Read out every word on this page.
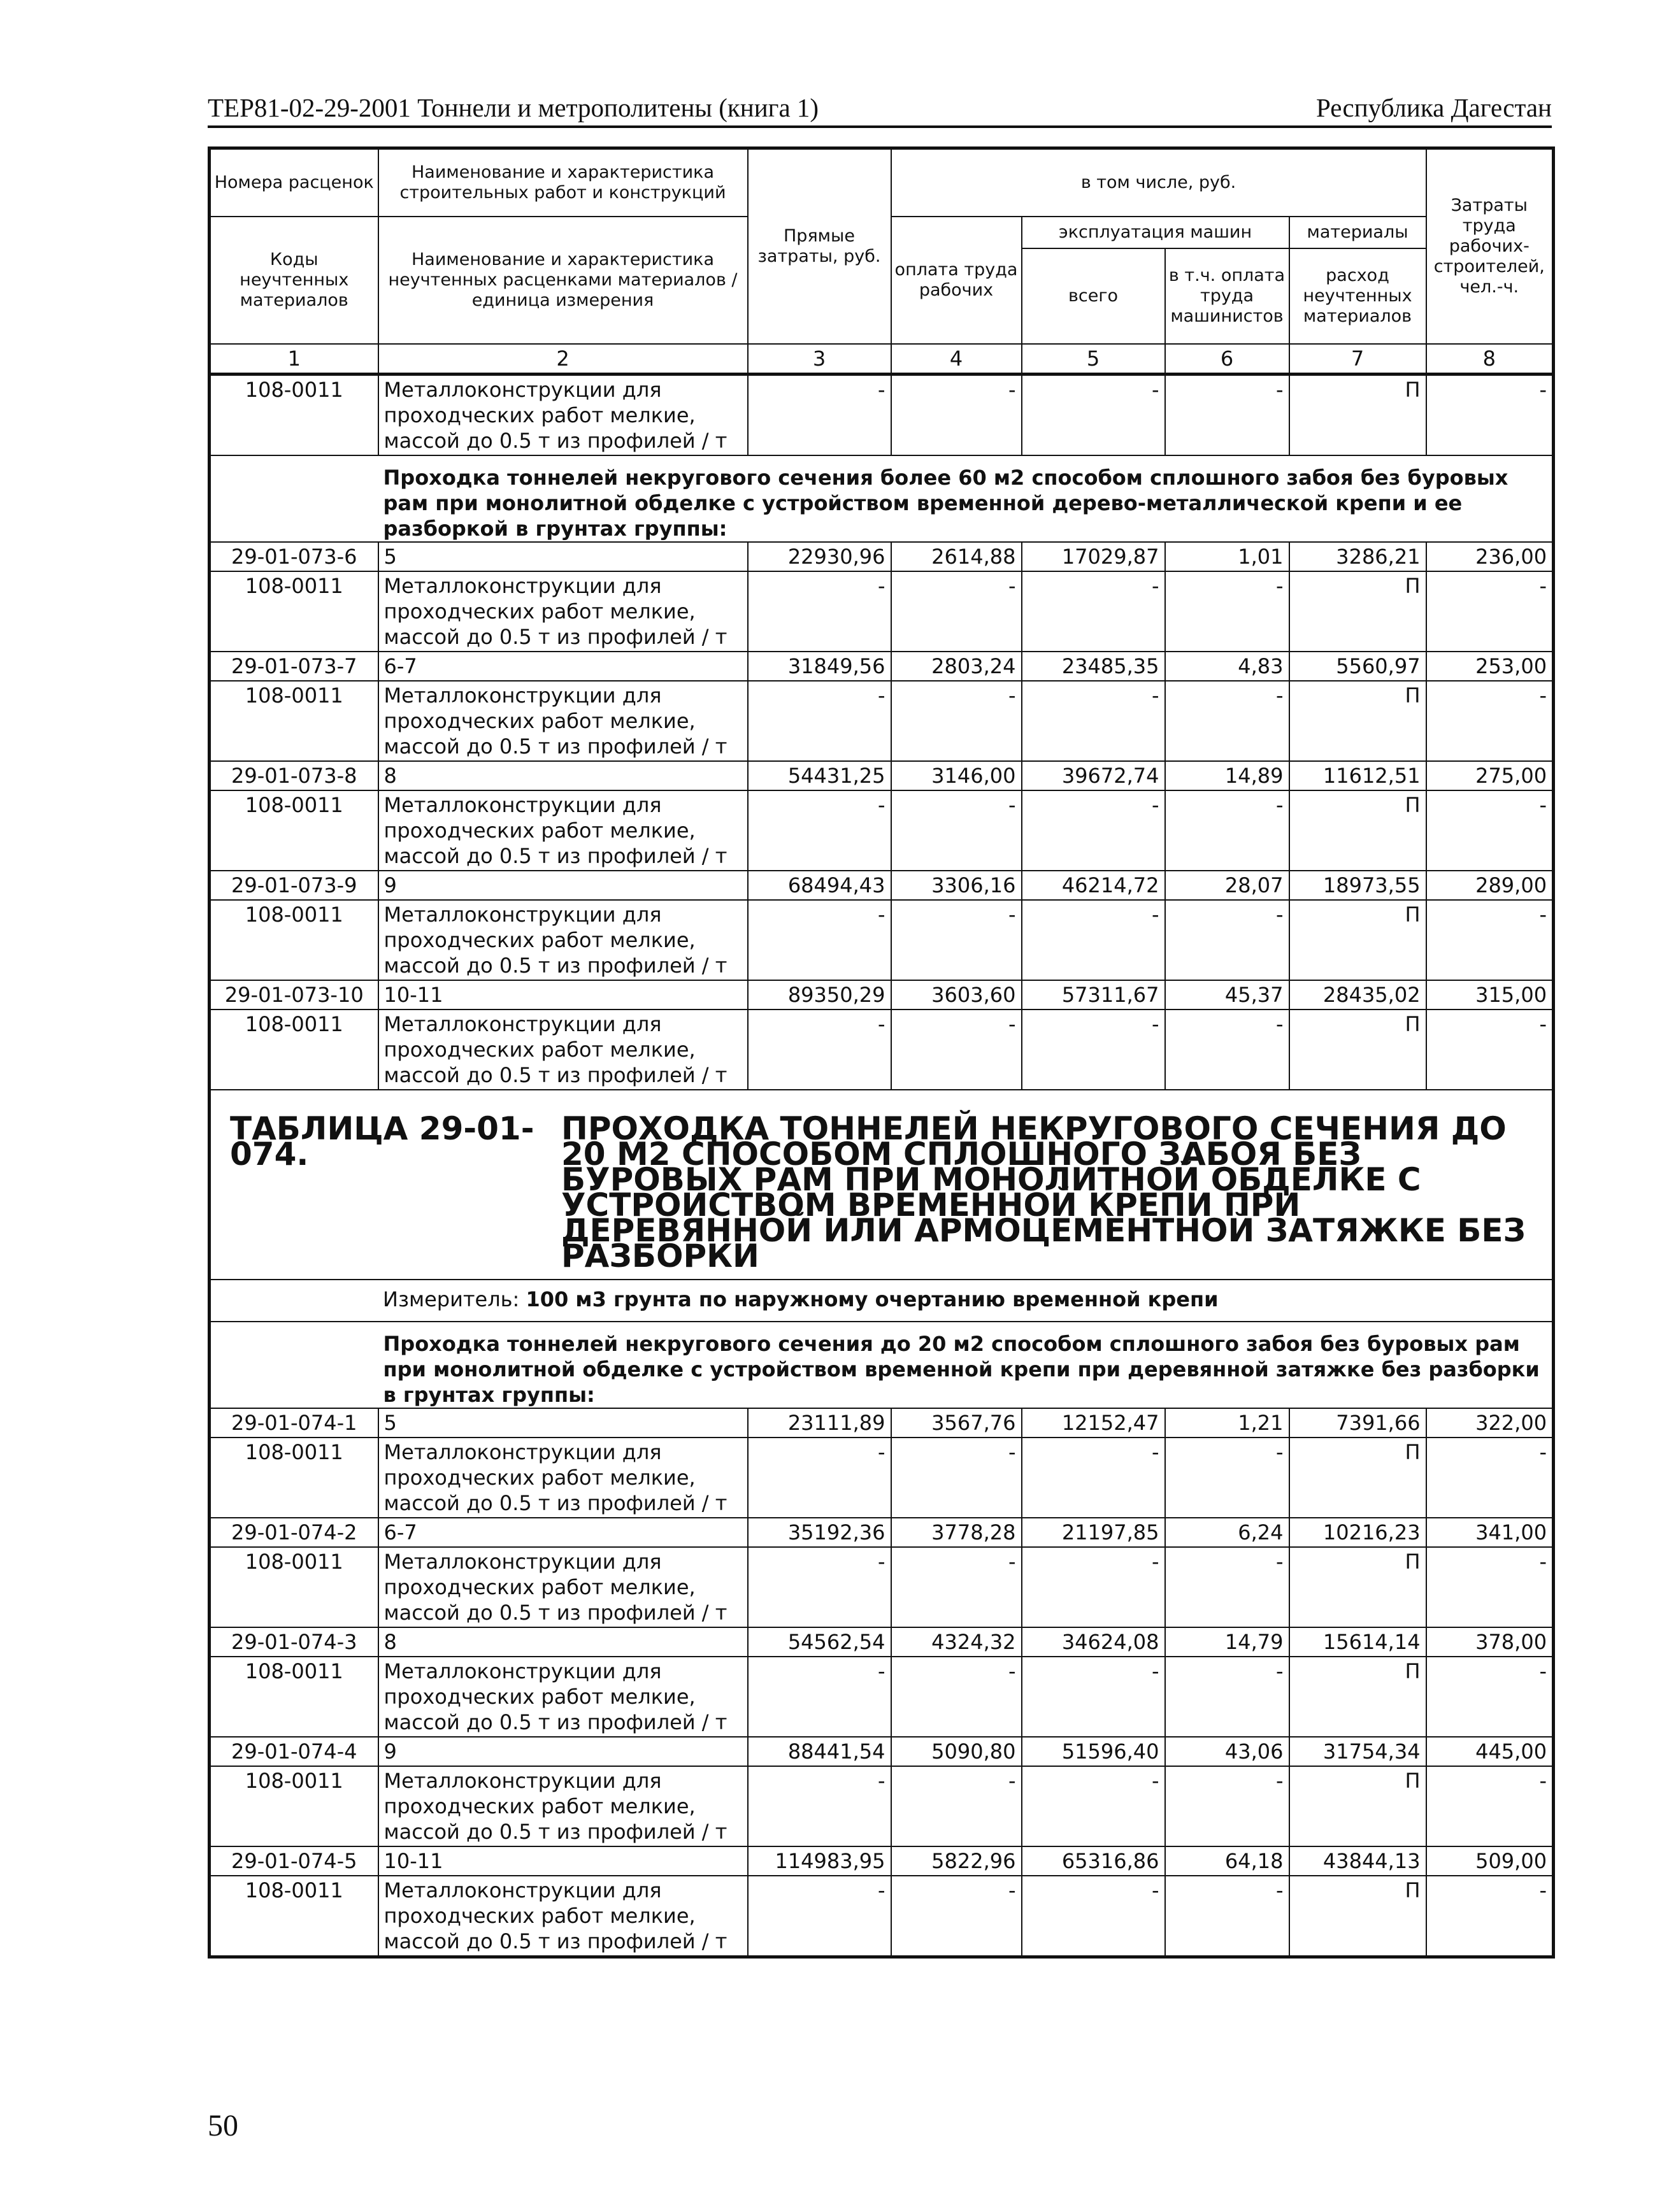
ТЕР81-02-29-2001 Тоннели и метрополитены (книга 1)	Республика Дагестан
Номера расценок	Наименование и характеристика строительных работ и конструкций	Прямые затраты, руб.	в том числе, руб.				Затраты труда рабочих-строителей, чел.-ч.
Коды неучтенных материалов	Наименование и характеристика неучтенных расценками материалов / единица измерения		оплата труда рабочих	эксплуатация машин		материалы	
				всего	в т.ч. оплата труда машинистов	расход неучтенных материалов	

1	2	3	4	5	6	7	8
108-0011	Металлоконструкции для проходческих работ мелкие, массой до 0.5 т из профилей / т	-	-	-	-	П	-
	Проходка тоннелей некругового сечения более 60 м2 способом сплошного забоя без буровых рам при монолитной обделке с устройством временной дерево-металлической крепи и ее разборкой в грунтах группы:						
29-01-073-6	5	22930,96	2614,88	17029,87	1,01	3286,21	236,00
108-0011	Металлоконструкции для проходческих работ мелкие, массой до 0.5 т из профилей / т	-	-	-	-	П	-
29-01-073-7	6-7	31849,56	2803,24	23485,35	4,83	5560,97	253,00
108-0011	Металлоконструкции для проходческих работ мелкие, массой до 0.5 т из профилей / т	-	-	-	-	П	-
29-01-073-8	8	54431,25	3146,00	39672,74	14,89	11612,51	275,00
108-0011	Металлоконструкции для проходческих работ мелкие, массой до 0.5 т из профилей / т	-	-	-	-	П	-
29-01-073-9	9	68494,43	3306,16	46214,72	28,07	18973,55	289,00
108-0011	Металлоконструкции для проходческих работ мелкие, массой до 0.5 т из профилей / т	-	-	-	-	П	-
29-01-073-10	10-11	89350,29	3603,60	57311,67	45,37	28435,02	315,00
108-0011	Металлоконструкции для проходческих работ мелкие, массой до 0.5 т из профилей / т	-	-	-	-	П	-

ТАБЛИЦА 29-01-074.
ПРОХОДКА ТОННЕЛЕЙ НЕКРУГОВОГО СЕЧЕНИЯ ДО 20 М2 СПОСОБОМ СПЛОШНОГО ЗАБОЯ БЕЗ БУРОВЫХ РАМ ПРИ МОНОЛИТНОЙ ОБДЕЛКЕ С УСТРОЙСТВОМ ВРЕМЕННОЙ КРЕПИ ПРИ ДЕРЕВЯННОЙ ИЛИ АРМОЦЕМЕНТНОЙ ЗАТЯЖКЕ БЕЗ РАЗБОРКИ							

Измеритель: 100 м3 грунта по наружному очертанию временной крепи							
	Проходка тоннелей некругового сечения до 20 м2 способом сплошного забоя без буровых рам при монолитной обделке с устройством временной крепи при деревянной затяжке без разборки в грунтах группы:						
29-01-074-1	5	23111,89	3567,76	12152,47	1,21	7391,66	322,00
108-0011	Металлоконструкции для проходческих работ мелкие, массой до 0.5 т из профилей / т	-	-	-	-	П	-
29-01-074-2	6-7	35192,36	3778,28	21197,85	6,24	10216,23	341,00
108-0011	Металлоконструкции для проходческих работ мелкие, массой до 0.5 т из профилей / т	-	-	-	-	П	-
29-01-074-3	8	54562,54	4324,32	34624,08	14,79	15614,14	378,00
108-0011	Металлоконструкции для проходческих работ мелкие, массой до 0.5 т из профилей / т	-	-	-	-	П	-
29-01-074-4	9	88441,54	5090,80	51596,40	43,06	31754,34	445,00
108-0011	Металлоконструкции для проходческих работ мелкие, массой до 0.5 т из профилей / т	-	-	-	-	П	-
29-01-074-5	10-11	114983,95	5822,96	65316,86	64,18	43844,13	509,00
108-0011	Металлоконструкции для проходческих работ мелкие, массой до 0.5 т из профилей / т	-	-	-	-	П	-
50
